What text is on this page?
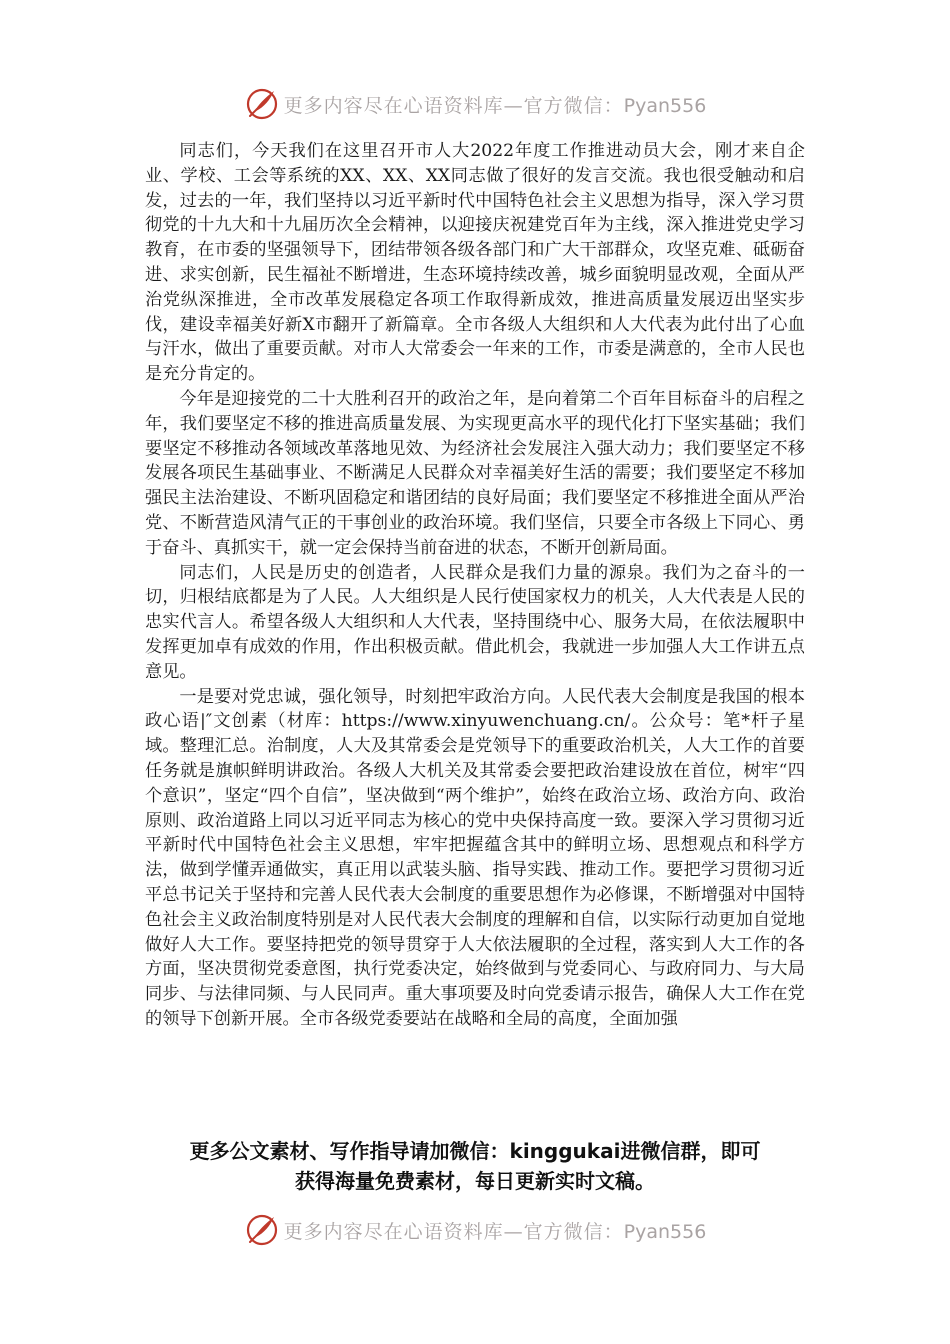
更多内容尽在心语资料库—官方微信：Pyan556

同志们，今天我们在这里召开市人大2022年度工作推进动员大会，刚才来自企业、学校、工会等系统的XX、XX、XX同志做了很好的发言交流。我也很受触动和启发，过去的一年，我们坚持以习近平新时代中国特色社会主义思想为指导，深入学习贯彻党的十九大和十九届历次全会精神，以迎接庆祝建党百年为主线，深入推进党史学习教育，在市委的坚强领导下，团结带领各级各部门和广大干部群众，攻坚克难、砥砺奋进、求实创新，民生福祉不断增进，生态环境持续改善，城乡面貌明显改观，全面从严治党纵深推进，全市改革发展稳定各项工作取得新成效，推进高质量发展迈出坚实步伐，建设幸福美好新X市翻开了新篇章。全市各级人大组织和人大代表为此付出了心血与汗水，做出了重要贡献。对市人大常委会一年来的工作，市委是满意的，全市人民也是充分肯定的。

今年是迎接党的二十大胜利召开的政治之年，是向着第二个百年目标奋斗的启程之年，我们要坚定不移的推进高质量发展、为实现更高水平的现代化打下坚实基础；我们要坚定不移推动各领域改革落地见效、为经济社会发展注入强大动力；我们要坚定不移发展各项民生基础事业、不断满足人民群众对幸福美好生活的需要；我们要坚定不移加强民主法治建设、不断巩固稳定和谐团结的良好局面；我们要坚定不移推进全面从严治党、不断营造风清气正的干事创业的政治环境。我们坚信，只要全市各级上下同心、勇于奋斗、真抓实干，就一定会保持当前奋进的状态，不断开创新局面。

同志们，人民是历史的创造者，人民群众是我们力量的源泉。我们为之奋斗的一切，归根结底都是为了人民。人大组织是人民行使国家权力的机关，人大代表是人民的忠实代言人。希望各级人大组织和人大代表，坚持围绕中心、服务大局，在依法履职中发挥更加卓有成效的作用，作出积极贡献。借此机会，我就进一步加强人大工作讲五点意见。

一是要对党忠诚，强化领导，时刻把牢政治方向。人民代表大会制度是我国的根本政心语|″文创素（材库：https://www.xinyuwenchuang.cn/。公众号：笔*杆子星域。整理汇总。治制度，人大及其常委会是党领导下的重要政治机关，人大工作的首要任务就是旗帜鲜明讲政治。各级人大机关及其常委会要把政治建设放在首位，树牢“四个意识”，坚定“四个自信”，坚决做到“两个维护”，始终在政治立场、政治方向、政治原则、政治道路上同以习近平同志为核心的党中央保持高度一致。要深入学习贯彻习近平新时代中国特色社会主义思想，牢牢把握蕴含其中的鲜明立场、思想观点和科学方法，做到学懂弄通做实，真正用以武装头脑、指导实践、推动工作。要把学习贯彻习近平总书记关于坚持和完善人民代表大会制度的重要思想作为必修课，不断增强对中国特色社会主义政治制度特别是对人民代表大会制度的理解和自信，以实际行动更加自觉地做好人大工作。要坚持把党的领导贯穿于人大依法履职的全过程，落实到人大工作的各方面，坚决贯彻党委意图，执行党委决定，始终做到与党委同心、与政府同力、与大局同步、与法律同频、与人民同声。重大事项要及时向党委请示报告，确保人大工作在党的领导下创新开展。全市各级党委要站在战略和全局的高度，全面加强

更多公文素材、写作指导请加微信：kinggukai进微信群，即可
获得海量免费素材，每日更新实时文稿。
更多内容尽在心语资料库—官方微信：Pyan556
